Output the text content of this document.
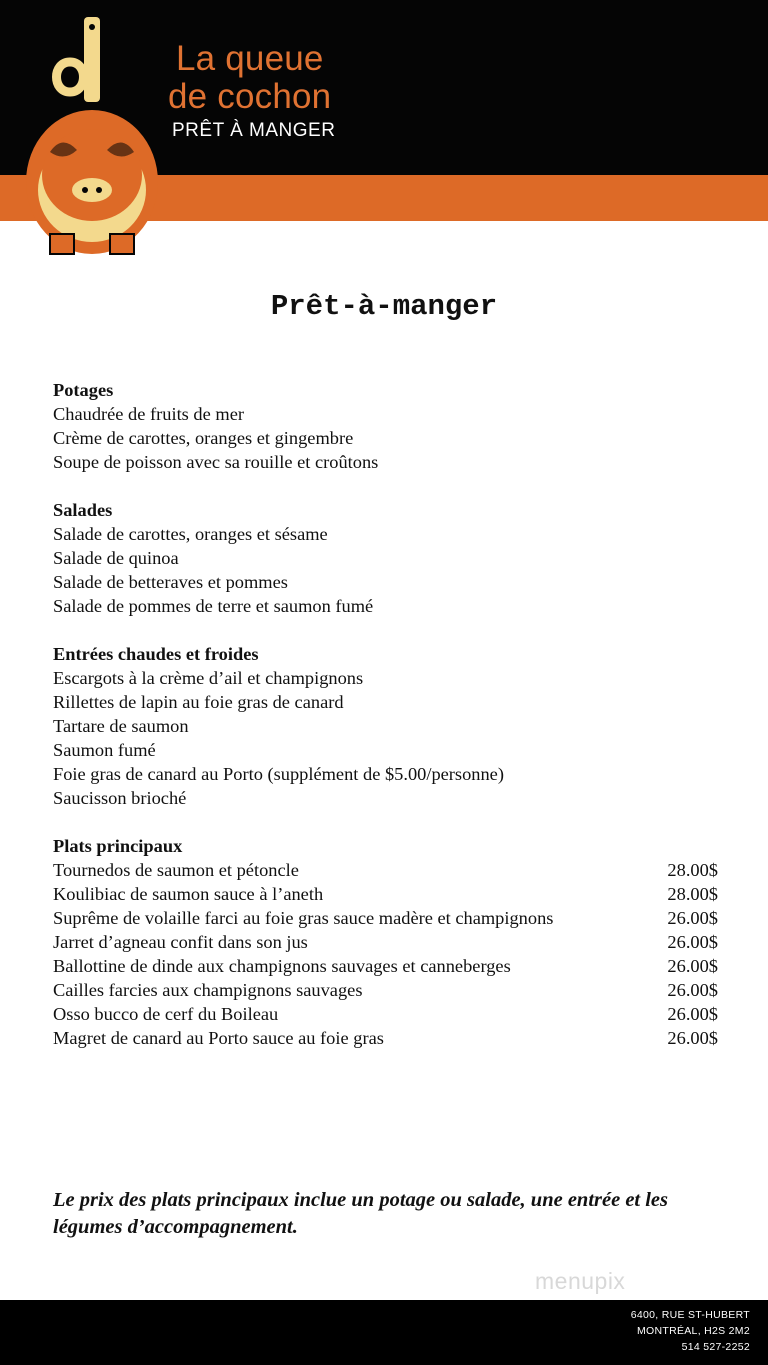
La queue
de cochon
PRÊT À MANGER
Prêt-à-manger
Potages
Chaudrée de fruits de mer
Crème de carottes, oranges et gingembre
Soupe de poisson avec sa rouille et croûtons
Salades
Salade de carottes, oranges et sésame
Salade de quinoa
Salade de betteraves et pommes
Salade de pommes de terre et saumon fumé
Entrées chaudes et froides
Escargots à la crème d’ail et champignons
Rillettes de lapin au foie gras de canard
Tartare de saumon
Saumon fumé
Foie gras de canard au Porto (supplément de $5.00/personne)
Saucisson brioché
Plats principaux
Tournedos de saumon et pétoncle	28.00$
Koulibiac de saumon sauce à l’aneth	28.00$
Suprême de volaille farci au foie gras sauce madère et champignons	26.00$
Jarret d’agneau confit dans son jus	26.00$
Ballottine de dinde aux champignons sauvages et canneberges	26.00$
Cailles farcies aux champignons sauvages	26.00$
Osso bucco de cerf du Boileau	26.00$
Magret de canard au Porto sauce au foie gras	26.00$
Le prix des plats principaux inclue un potage ou salade, une entrée et les légumes d’accompagnement.
menupix
6400, RUE ST-HUBERT
MONTRÉAL, H2S 2M2
514 527-2252
